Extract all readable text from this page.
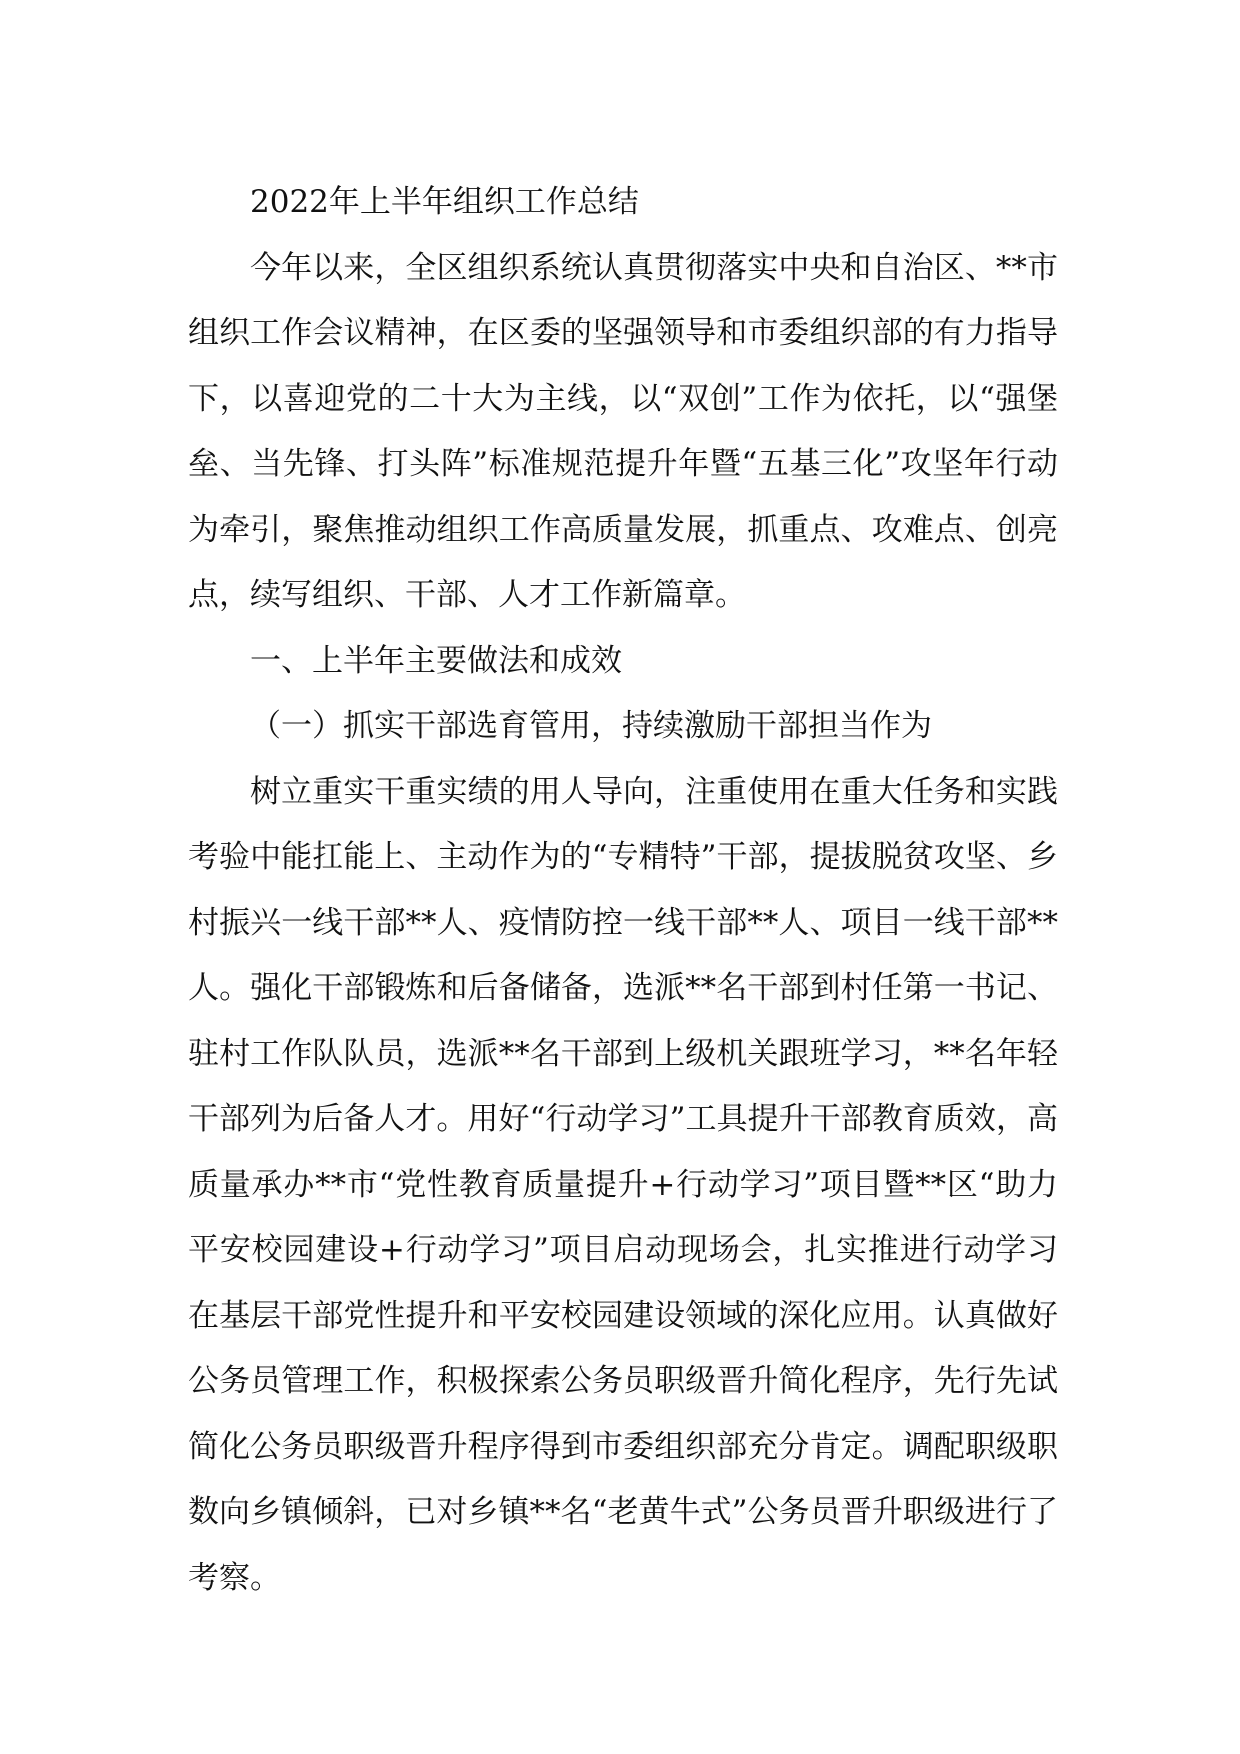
2022年上半年组织工作总结

今年以来，全区组织系统认真贯彻落实中央和自治区、**市组织工作会议精神，在区委的坚强领导和市委组织部的有力指导下，以喜迎党的二十大为主线，以“双创”工作为依托，以“强堡垒、当先锋、打头阵”标准规范提升年暨“五基三化”攻坚年行动为牵引，聚焦推动组织工作高质量发展，抓重点、攻难点、创亮点，续写组织、干部、人才工作新篇章。

一、上半年主要做法和成效

（一）抓实干部选育管用，持续激励干部担当作为

树立重实干重实绩的用人导向，注重使用在重大任务和实践考验中能扛能上、主动作为的“专精特”干部，提拔脱贫攻坚、乡村振兴一线干部**人、疫情防控一线干部**人、项目一线干部**人。强化干部锻炼和后备储备，选派**名干部到村任第一书记、驻村工作队队员，选派**名干部到上级机关跟班学习，**名年轻干部列为后备人才。用好“行动学习”工具提升干部教育质效，高质量承办**市“党性教育质量提升+行动学习”项目暨**区“助力平安校园建设+行动学习”项目启动现场会，扎实推进行动学习在基层干部党性提升和平安校园建设领域的深化应用。认真做好公务员管理工作，积极探索公务员职级晋升简化程序，先行先试简化公务员职级晋升程序得到市委组织部充分肯定。调配职级职数向乡镇倾斜，已对乡镇**名“老黄牛式”公务员晋升职级进行了考察。
